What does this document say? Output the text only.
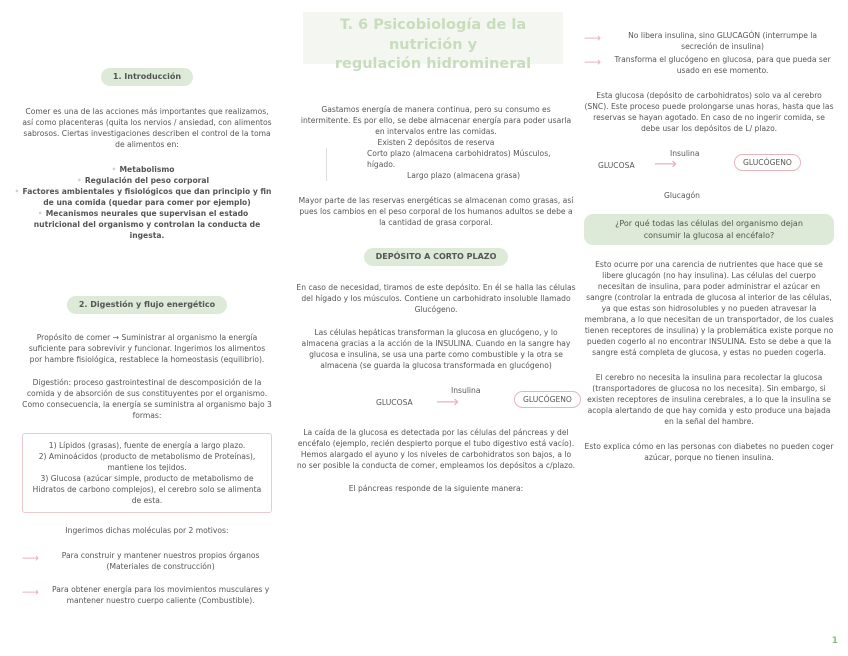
T. 6 Psicobiología de la nutrición y
regulación hidromineral
1. Introducción

Comer es una de las acciones más importantes que realizamos, así como placenteras (quita los nervios / ansiedad, con alimentos sabrosos. Ciertas investigaciones describen el control de la toma de alimentos en:

• Metabolismo
• Regulación del peso corporal
• Factores ambientales y fisiológicos que dan principio y fin de una comida (quedar para comer por ejemplo)
• Mecanismos neurales que supervisan el estado nutricional del organismo y controlan la conducta de ingesta.
2. Digestión y flujo energético

Propósito de comer → Suministrar al organismo la energía suficiente para sobrevivir y funcionar. Ingerimos los alimentos por hambre fisiológica, restablece la homeostasis (equilibrio).

Digestión: proceso gastrointestinal de descomposición de la comida y de absorción de sus constituyentes por el organismo. Como consecuencia, la energía se suministra al organismo bajo 3 formas:

1) Lípidos (grasas), fuente de energía a largo plazo.

2) Aminoácidos (producto de metabolismo de Proteínas), mantiene los tejidos.

3) Glucosa (azúcar simple, producto de metabolismo de Hidratos de carbono complejos), el cerebro solo se alimenta de esta.

Ingerimos dichas moléculas por 2 motivos:

⟶	Para construir y mantener nuestros propios órganos (Materiales de construcción)
⟶	Para obtener energía para los movimientos musculares y mantener nuestro cuerpo caliente (Combustible).

Gastamos energía de manera continua, pero su consumo es intermitente. Es por ello, se debe almacenar energía para poder usarla en intervalos entre las comidas.

Existen 2 depósitos de reserva

Corto plazo (almacena carbohidratos) Músculos, hígado.

Largo plazo (almacena grasa)

Mayor parte de las reservas energéticas se almacenan como grasas, así pues los cambios en el peso corporal de los humanos adultos se debe a la cantidad de grasa corporal.

DEPÓSITO A CORTO PLAZO

En caso de necesidad, tiramos de este depósito. En él se halla las células del hígado y los músculos. Contiene un carbohidrato insoluble llamado Glucógeno.

Las células hepáticas transforman la glucosa en glucógeno, y lo almacena gracias a la acción de la INSULINA. Cuando en la sangre hay glucosa e insulina, se usa una parte como combustible y la otra se almacena (se guarda la glucosa transformada en glucógeno)

GLUCOSA
Insulina
⟶	GLUCÓGENO

La caída de la glucosa es detectada por las células del páncreas y del encéfalo (ejemplo, recién despierto porque el tubo digestivo está vacío). Hemos alargado el ayuno y los niveles de carbohidratos son bajos, a lo no ser posible la conducta de comer, empleamos los depósitos a c/plazo.

El páncreas responde de la siguiente manera:

⟶	No libera insulina, sino GLUCAGÓN (interrumpe la secreción de insulina)
⟶	Transforma el glucógeno en glucosa, para que pueda ser usado en ese momento.

Esta glucosa (depósito de carbohidratos) solo va al cerebro (SNC). Este proceso puede prolongarse unas horas, hasta que las reservas se hayan agotado. En caso de no ingerir comida, se debe usar los depósitos de L/ plazo.

GLUCOSA
Insulina
⟶	GLUCÓGENO
Glucagón
¿Por qué todas las células del organismo dejan consumir la glucosa al encéfalo?

Esto ocurre por una carencia de nutrientes que hace que se libere glucagón (no hay insulina). Las células del cuerpo necesitan de insulina, para poder administrar el azúcar en sangre (controlar la entrada de glucosa al interior de las células, ya que estas son hidrosolubles y no pueden atravesar la membrana, a lo que necesitan de un transportador, de los cuales tienen receptores de insulina) y la problemática existe porque no pueden cogerlo al no encontrar INSULINA. Esto se debe a que la sangre está completa de glucosa, y estas no pueden cogerla.

El cerebro no necesita la insulina para recolectar la glucosa (transportadores de glucosa no los necesita). Sin embargo, si existen receptores de insulina cerebrales, a lo que la insulina se acopla alertando de que hay comida y esto produce una bajada en la señal del hambre.

Esto explica cómo en las personas con diabetes no pueden coger azúcar, porque no tienen insulina.

1
